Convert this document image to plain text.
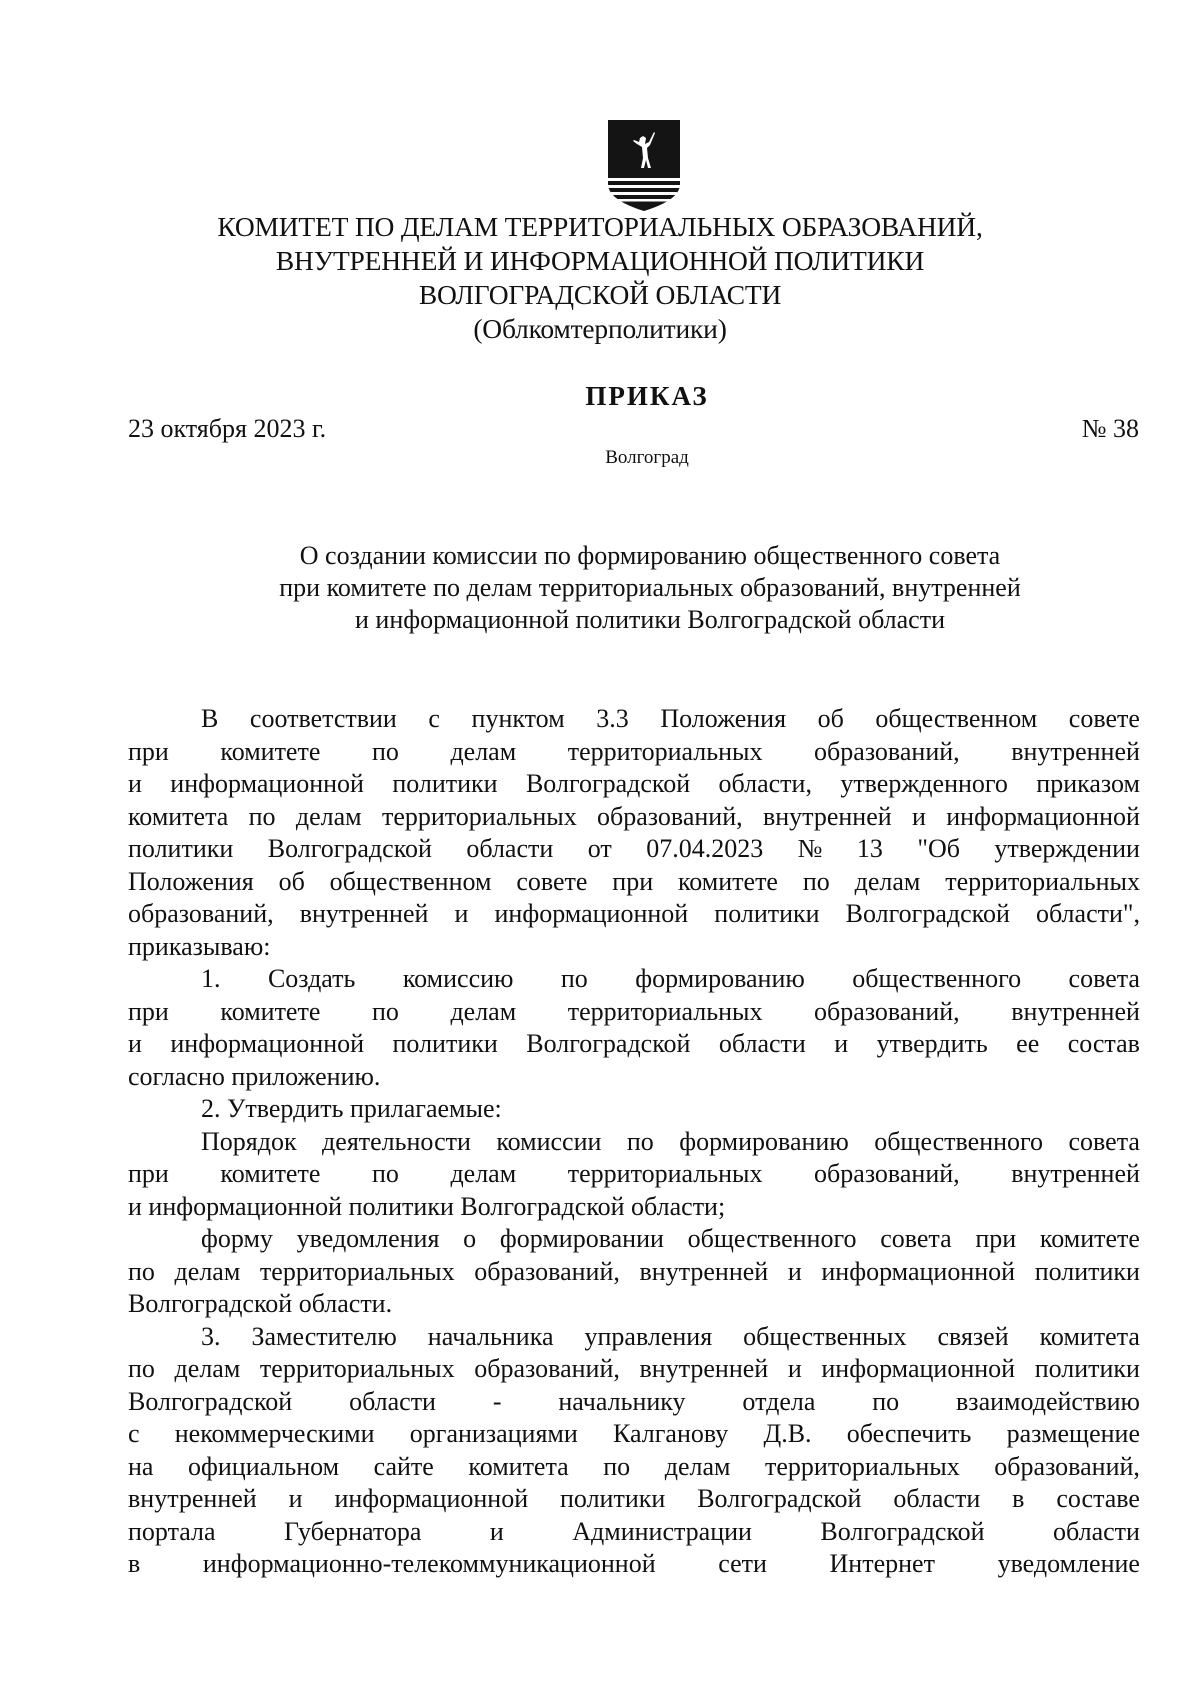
КОМИТЕТ ПО ДЕЛАМ ТЕРРИТОРИАЛЬНЫХ ОБРАЗОВАНИЙ,
ВНУТРЕННЕЙ И ИНФОРМАЦИОННОЙ ПОЛИТИКИ
ВОЛГОГРАДСКОЙ ОБЛАСТИ
(Облкомтерполитики)
ПРИКАЗ
23 октября 2023 г.	№ 38
Волгоград
О создании комиссии по формированию общественного совета
при комитете по делам территориальных образований, внутренней
и информационной политики Волгоградской области
В соответствии с пунктом 3.3 Положения об общественном совете
при комитете по делам территориальных образований, внутренней
и информационной политики Волгоградской области, утвержденного приказом
комитета по делам территориальных образований, внутренней и информационной
политики Волгоградской области от 07.04.2023 № 13 "Об утверждении
Положения об общественном совете при комитете по делам территориальных
образований, внутренней и информационной политики Волгоградской области",
приказываю:
1. Создать комиссию по формированию общественного совета
при комитете по делам территориальных образований, внутренней
и информационной политики Волгоградской области и утвердить ее состав
согласно приложению.
2. Утвердить прилагаемые:
Порядок деятельности комиссии по формированию общественного совета
при комитете по делам территориальных образований, внутренней
и информационной политики Волгоградской области;
форму уведомления о формировании общественного совета при комитете
по делам территориальных образований, внутренней и информационной политики
Волгоградской области.
3. Заместителю начальника управления общественных связей комитета
по делам территориальных образований, внутренней и информационной политики
Волгоградской области - начальнику отдела по взаимодействию
с некоммерческими организациями Калганову Д.В. обеспечить размещение
на официальном сайте комитета по делам территориальных образований,
внутренней и информационной политики Волгоградской области в составе
портала	Губернатора	и	Администрации	Волгоградской	области
в информационно-телекоммуникационной сети Интернет уведомление
